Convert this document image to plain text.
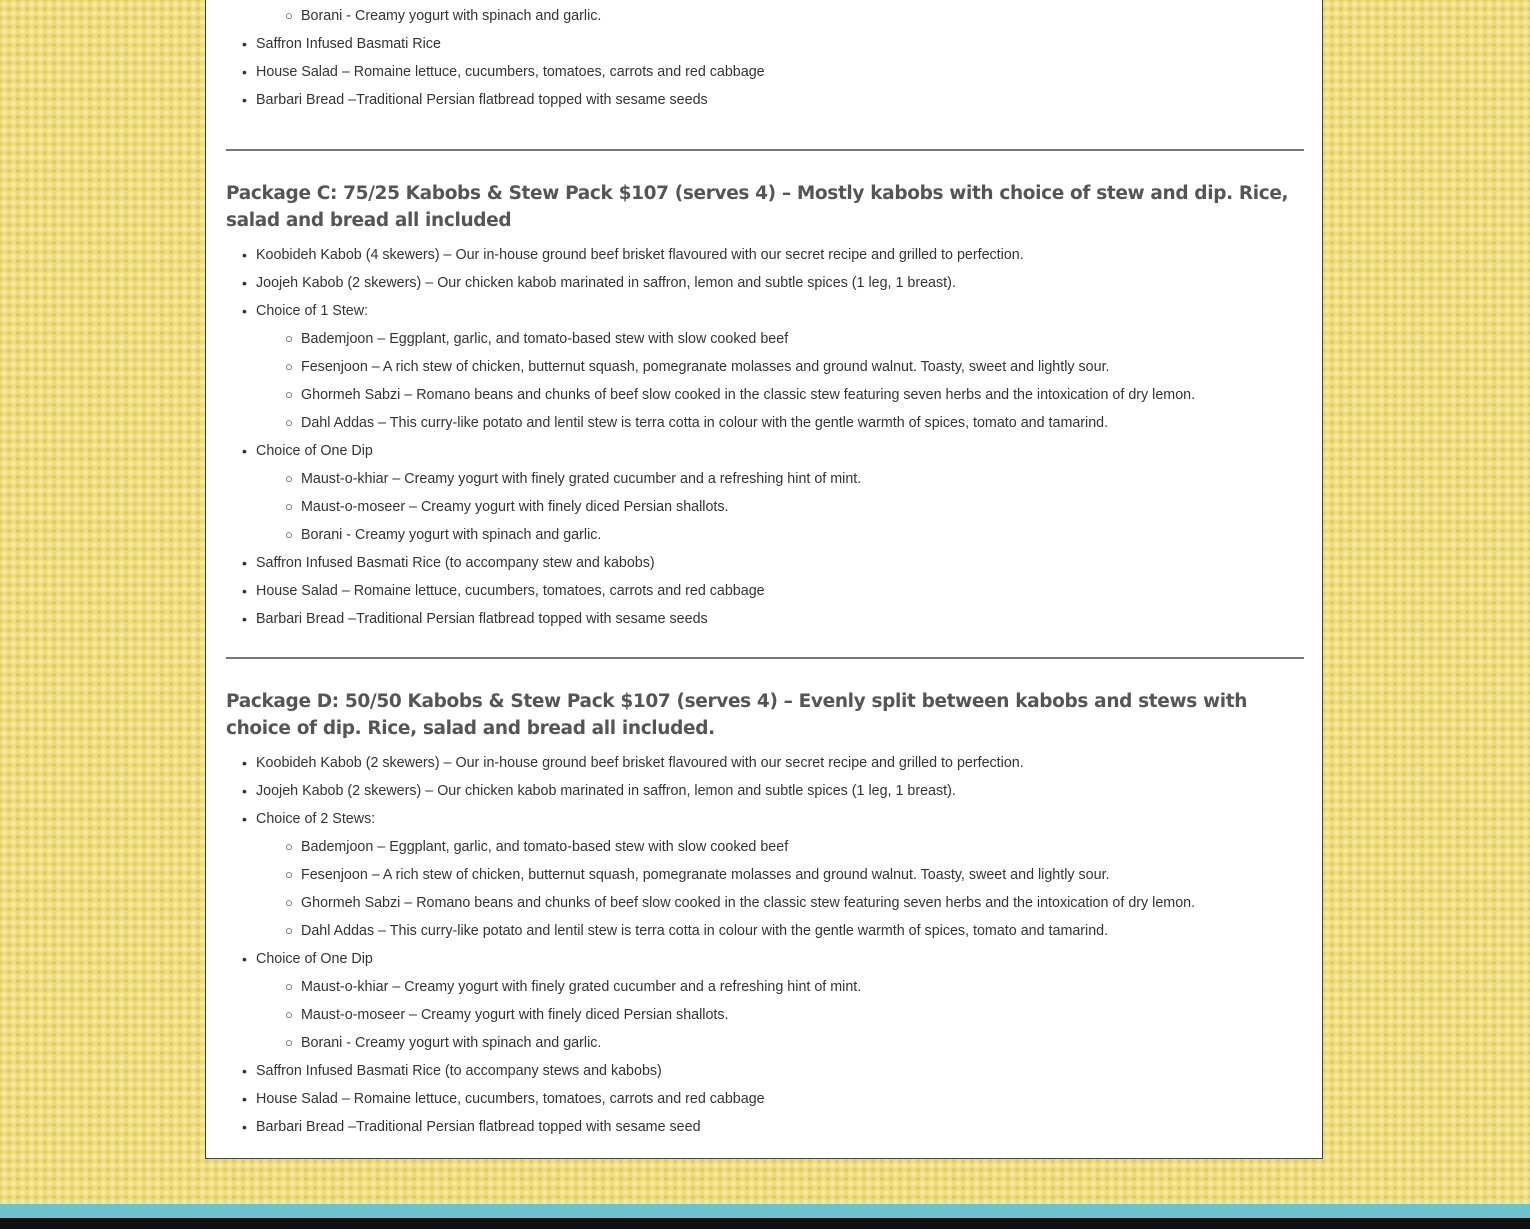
○ Borani - Creamy yogurt with spinach and garlic.
• Saffron Infused Basmati Rice
• House Salad – Romaine lettuce, cucumbers, tomatoes, carrots and red cabbage
• Barbari Bread –Traditional Persian flatbread topped with sesame seeds
Package C: 75/25 Kabobs & Stew Pack $107 (serves 4) – Mostly kabobs with choice of stew and dip. Rice, salad and bread all included
• Koobideh Kabob (4 skewers) – Our in-house ground beef brisket flavoured with our secret recipe and grilled to perfection.
• Joojeh Kabob (2 skewers) – Our chicken kabob marinated in saffron, lemon and subtle spices (1 leg, 1 breast).
• Choice of 1 Stew:
○ Bademjoon – Eggplant, garlic, and tomato-based stew with slow cooked beef
○ Fesenjoon – A rich stew of chicken, butternut squash, pomegranate molasses and ground walnut. Toasty, sweet and lightly sour.
○ Ghormeh Sabzi – Romano beans and chunks of beef slow cooked in the classic stew featuring seven herbs and the intoxication of dry lemon.
○ Dahl Addas – This curry-like potato and lentil stew is terra cotta in colour with the gentle warmth of spices, tomato and tamarind.
• Choice of One Dip
○ Maust-o-khiar – Creamy yogurt with finely grated cucumber and a refreshing hint of mint.
○ Maust-o-moseer – Creamy yogurt with finely diced Persian shallots.
○ Borani - Creamy yogurt with spinach and garlic.
• Saffron Infused Basmati Rice (to accompany stew and kabobs)
• House Salad – Romaine lettuce, cucumbers, tomatoes, carrots and red cabbage
• Barbari Bread –Traditional Persian flatbread topped with sesame seeds
Package D: 50/50 Kabobs & Stew Pack $107 (serves 4) – Evenly split between kabobs and stews with choice of dip. Rice, salad and bread all included.
• Koobideh Kabob (2 skewers) – Our in-house ground beef brisket flavoured with our secret recipe and grilled to perfection.
• Joojeh Kabob (2 skewers) – Our chicken kabob marinated in saffron, lemon and subtle spices (1 leg, 1 breast).
• Choice of 2 Stews:
○ Bademjoon – Eggplant, garlic, and tomato-based stew with slow cooked beef
○ Fesenjoon – A rich stew of chicken, butternut squash, pomegranate molasses and ground walnut. Toasty, sweet and lightly sour.
○ Ghormeh Sabzi – Romano beans and chunks of beef slow cooked in the classic stew featuring seven herbs and the intoxication of dry lemon.
○ Dahl Addas – This curry-like potato and lentil stew is terra cotta in colour with the gentle warmth of spices, tomato and tamarind.
• Choice of One Dip
○ Maust-o-khiar – Creamy yogurt with finely grated cucumber and a refreshing hint of mint.
○ Maust-o-moseer – Creamy yogurt with finely diced Persian shallots.
○ Borani - Creamy yogurt with spinach and garlic.
• Saffron Infused Basmati Rice (to accompany stews and kabobs)
• House Salad – Romaine lettuce, cucumbers, tomatoes, carrots and red cabbage
• Barbari Bread –Traditional Persian flatbread topped with sesame seed
